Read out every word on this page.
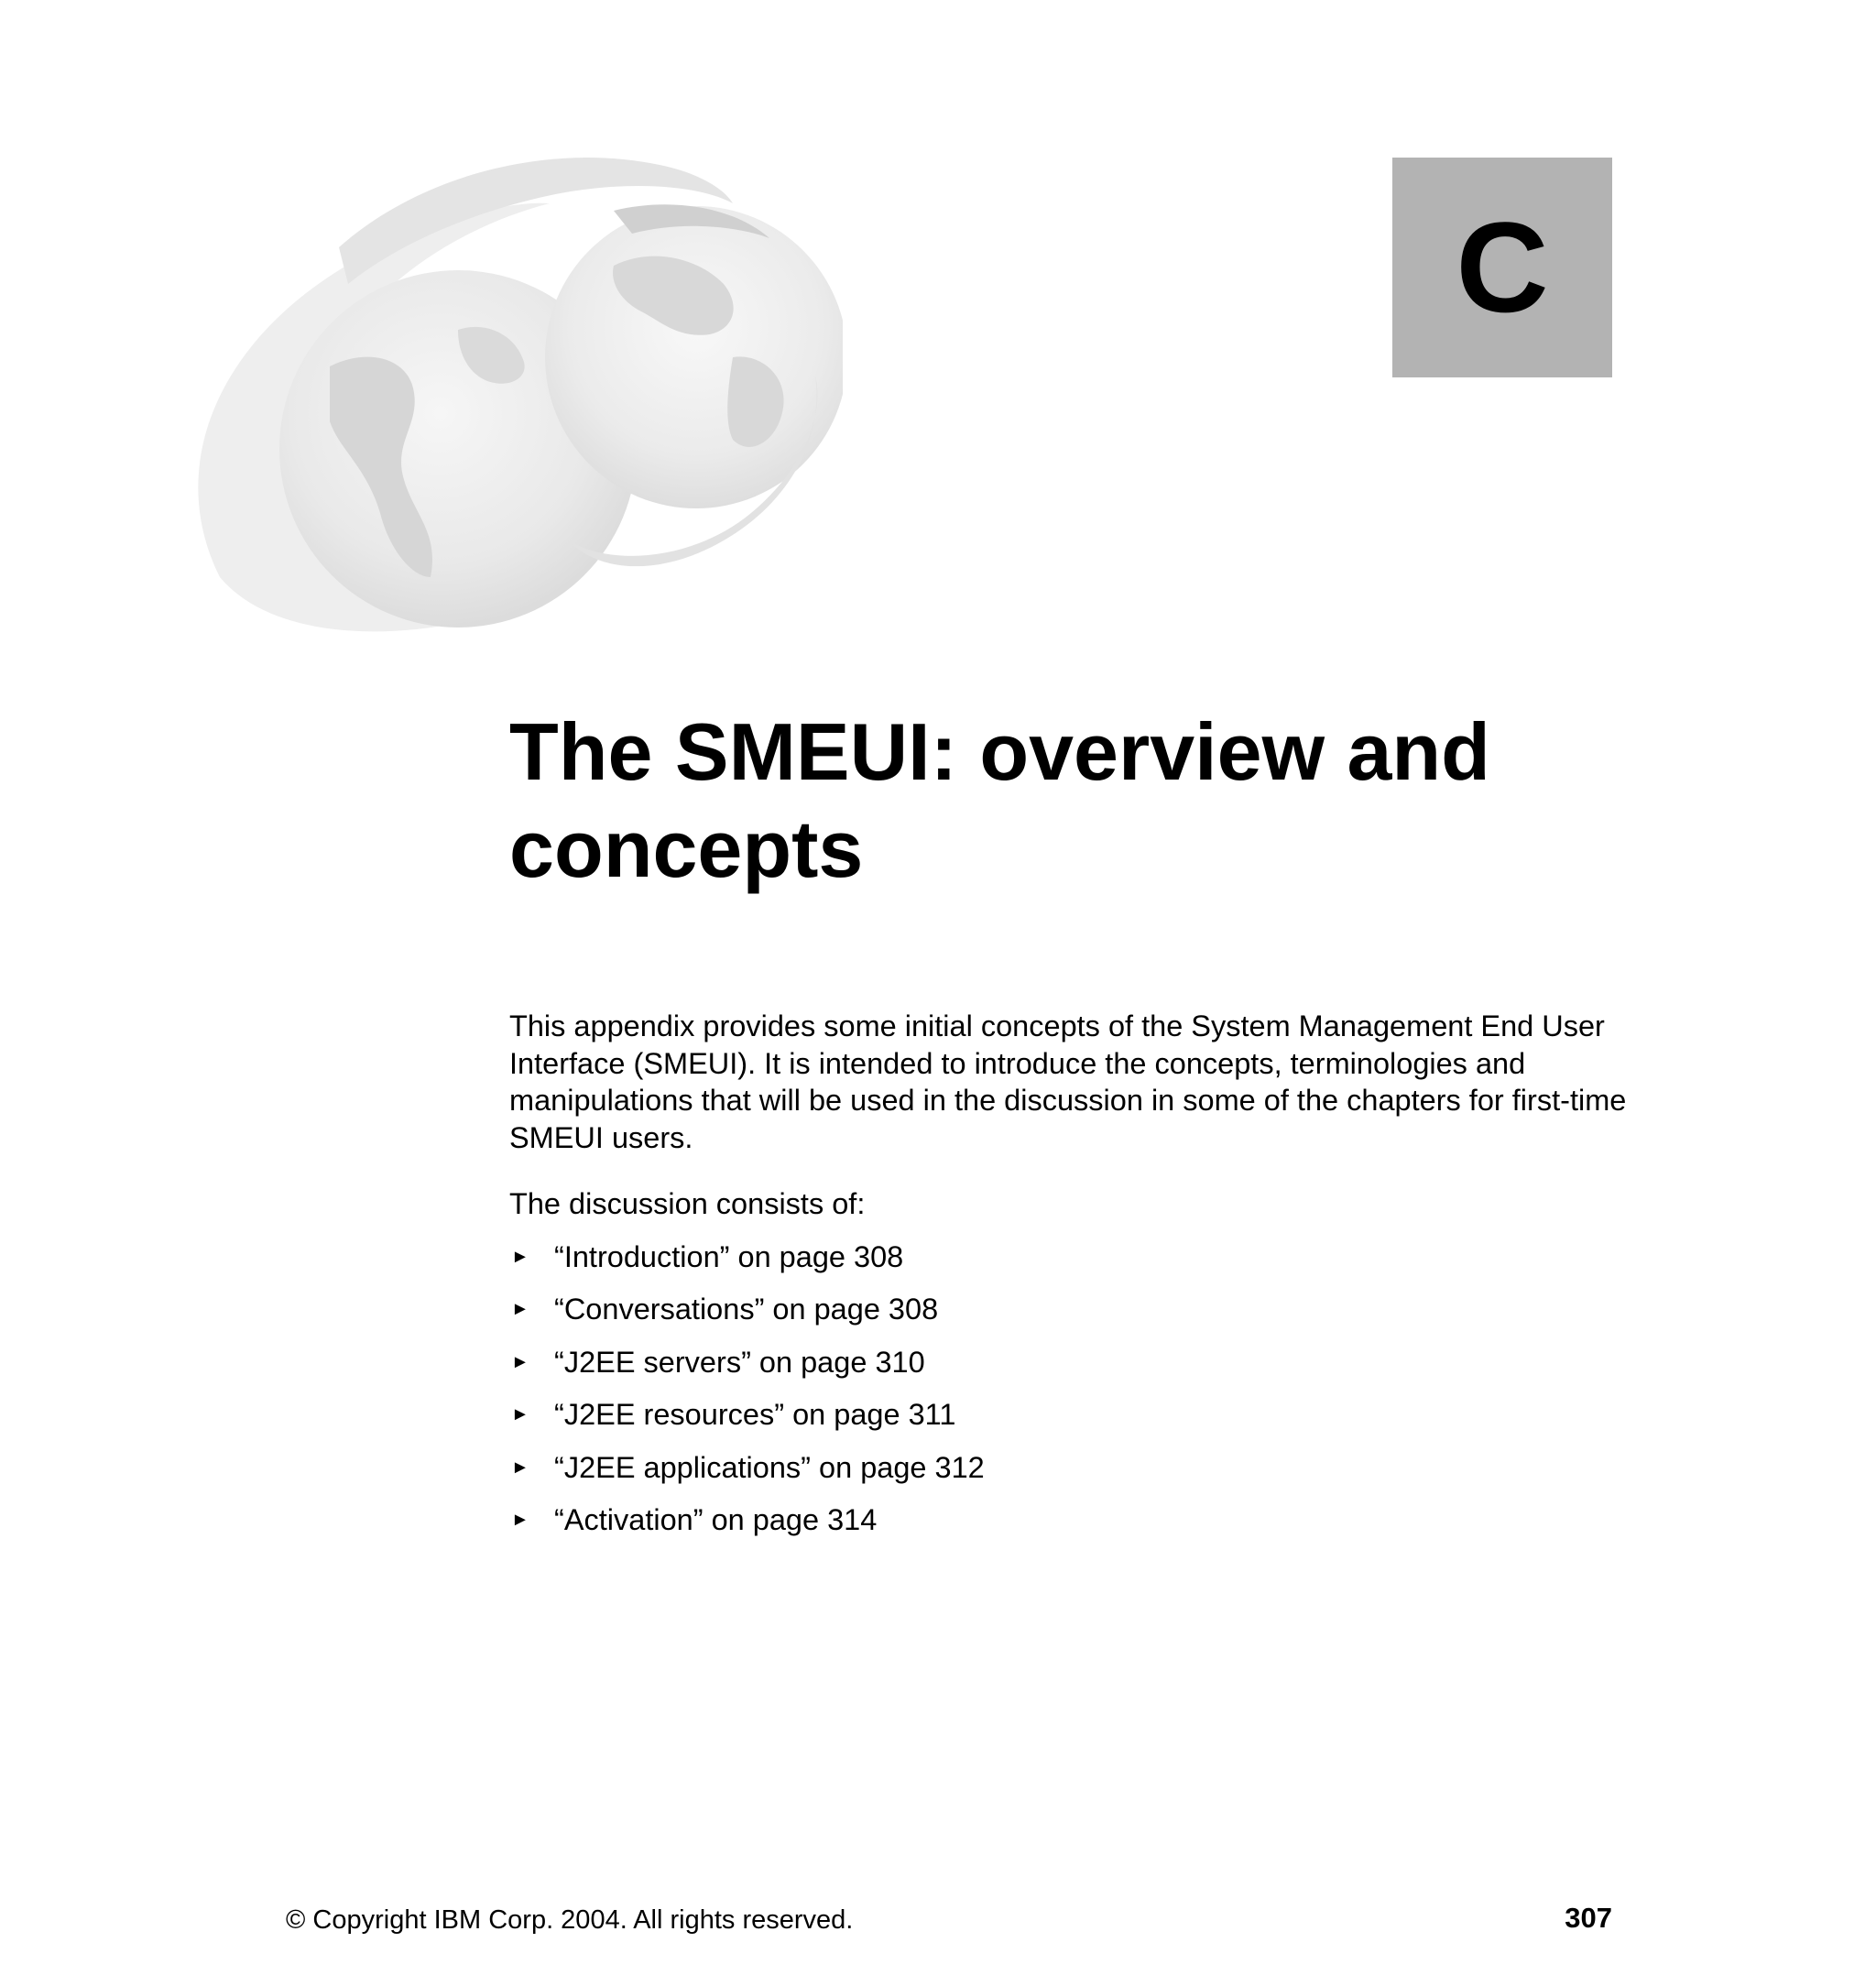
C
The SMEUI: overview and concepts

This appendix provides some initial concepts of the System Management End User Interface (SMEUI). It is intended to introduce the concepts, terminologies and manipulations that will be used in the discussion in some of the chapters for first-time SMEUI users.

The discussion consists of:

► “Introduction” on page 308
► “Conversations” on page 308
► “J2EE servers” on page 310
► “J2EE resources” on page 311
► “J2EE applications” on page 312
► “Activation” on page 314
© Copyright IBM Corp. 2004. All rights reserved.	307
